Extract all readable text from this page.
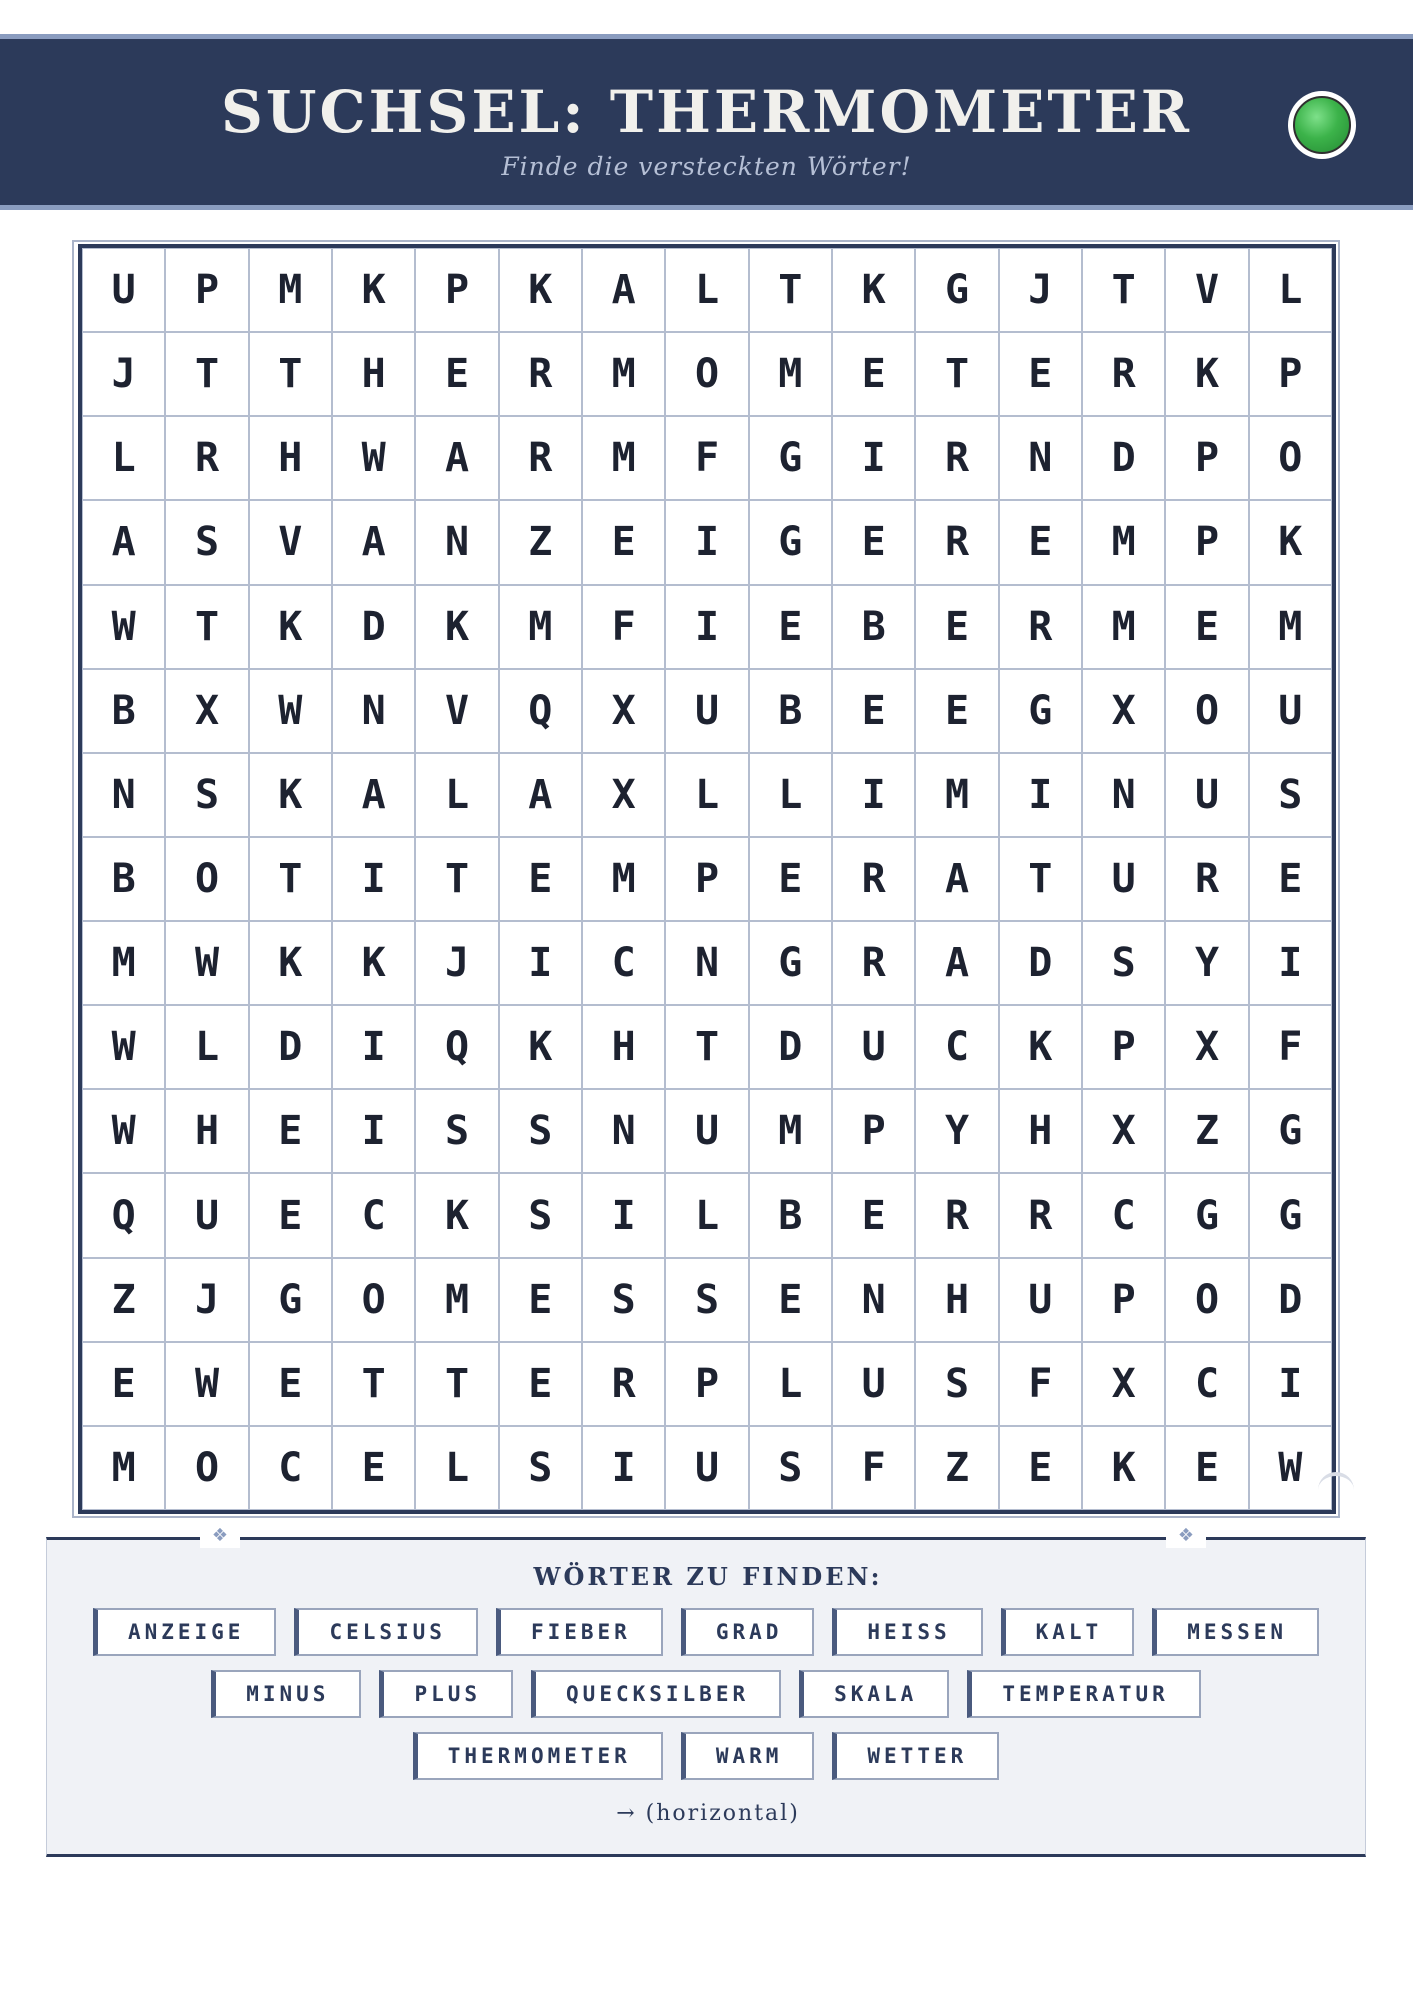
SUCHSEL: THERMOMETER
Finde die versteckten Wörter!
U	P	M	K	P	K	A	L	T	K	G	J	T	V	L
J	T	T	H	E	R	M	O	M	E	T	E	R	K	P
L	R	H	W	A	R	M	F	G	I	R	N	D	P	O
A	S	V	A	N	Z	E	I	G	E	R	E	M	P	K
W	T	K	D	K	M	F	I	E	B	E	R	M	E	M
B	X	W	N	V	Q	X	U	B	E	E	G	X	O	U
N	S	K	A	L	A	X	L	L	I	M	I	N	U	S
B	O	T	I	T	E	M	P	E	R	A	T	U	R	E
M	W	K	K	J	I	C	N	G	R	A	D	S	Y	I
W	L	D	I	Q	K	H	T	D	U	C	K	P	X	F
W	H	E	I	S	S	N	U	M	P	Y	H	X	Z	G
Q	U	E	C	K	S	I	L	B	E	R	R	C	G	G
Z	J	G	O	M	E	S	S	E	N	H	U	P	O	D
E	W	E	T	T	E	R	P	L	U	S	F	X	C	I
M	O	C	E	L	S	I	U	S	F	Z	E	K	E	W
❖	❖
WÖRTER ZU FINDEN:
ANZEIGE	CELSIUS	FIEBER	GRAD	HEISS	KALT	MESSEN
MINUS	PLUS	QUECKSILBER	SKALA	TEMPERATUR
THERMOMETER	WARM	WETTER
→ (horizontal)
